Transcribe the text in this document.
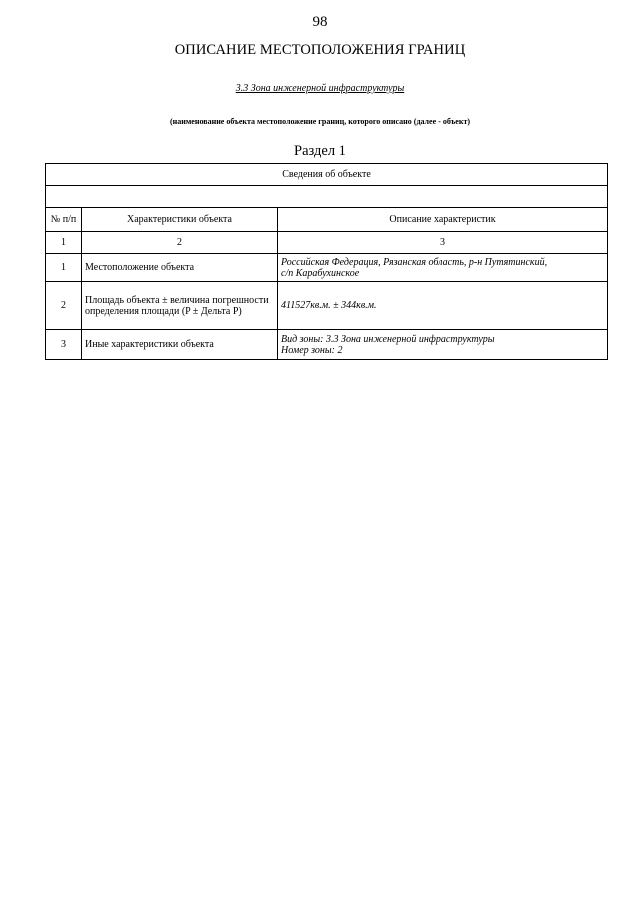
98
ОПИСАНИЕ МЕСТОПОЛОЖЕНИЯ ГРАНИЦ
3.3 Зона инженерной инфраструктуры
(наименование объекта местоположение границ, которого описано (далее - объект)
Раздел 1
Сведения об объекте		

№ п/п	Характеристики объекта	Описание характеристик
1	2	3
1	Местоположение объекта	Российская Федерация, Рязанская область, р-н Путятинский,
с/п Карабухинское

2	Площадь объекта ± величина погрешности определения площади (P ± Дельта P)	411527кв.м. ± 344кв.м.

3	Иные характеристики объекта	Вид зоны: 3.3 Зона инженерной инфраструктуры
Номер зоны: 2
